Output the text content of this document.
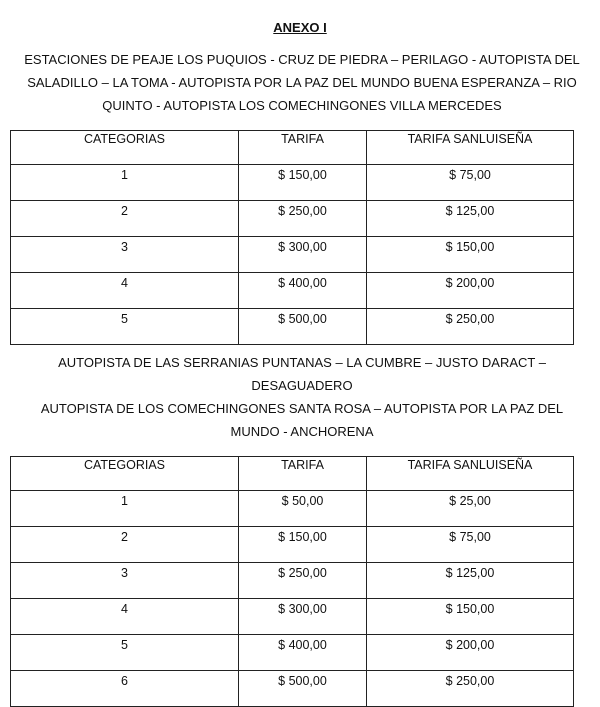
ANEXO I

ESTACIONES DE PEAJE LOS PUQUIOS - CRUZ DE PIEDRA – PERILAGO - AUTOPISTA DEL

SALADILLO – LA TOMA - AUTOPISTA POR LA PAZ DEL MUNDO BUENA ESPERANZA – RIO

QUINTO - AUTOPISTA LOS COMECHINGONES VILLA MERCEDES

CATEGORIAS	TARIFA	TARIFA SANLUISEÑA
1	$ 150,00	$ 75,00
2	$ 250,00	$ 125,00
3	$ 300,00	$ 150,00
4	$ 400,00	$ 200,00
5	$ 500,00	$ 250,00

AUTOPISTA DE LAS SERRANIAS PUNTANAS – LA CUMBRE – JUSTO DARACT –

DESAGUADERO

AUTOPISTA DE LOS COMECHINGONES SANTA ROSA – AUTOPISTA POR LA PAZ DEL

MUNDO - ANCHORENA

CATEGORIAS	TARIFA	TARIFA SANLUISEÑA
1	$ 50,00	$ 25,00
2	$ 150,00	$ 75,00
3	$ 250,00	$ 125,00
4	$ 300,00	$ 150,00
5	$ 400,00	$ 200,00
6	$ 500,00	$ 250,00
